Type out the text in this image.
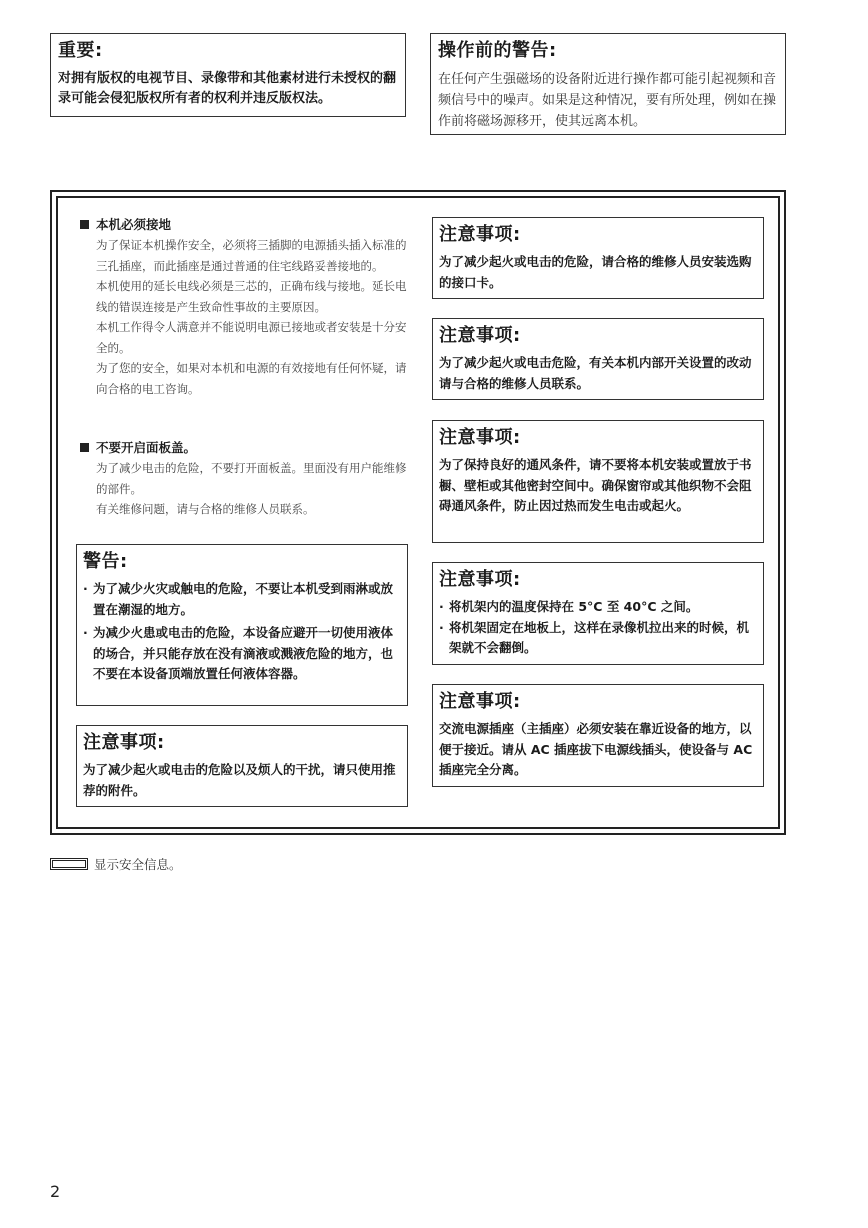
重要:

对拥有版权的电视节目、录像带和其他素材进行未授权的翻录可能会侵犯版权所有者的权利并违反版权法。

操作前的警告:

在任何产生强磁场的设备附近进行操作都可能引起视频和音频信号中的噪声。如果是这种情况，要有所处理，例如在操作前将磁场源移开，使其远离本机。

本机必须接地

为了保证本机操作安全，必须将三插脚的电源插头插入标准的三孔插座，而此插座是通过普通的住宅线路妥善接地的。

本机使用的延长电线必须是三芯的，正确布线与接地。延长电线的错误连接是产生致命性事故的主要原因。

本机工作得令人满意并不能说明电源已接地或者安装是十分安全的。

为了您的安全，如果对本机和电源的有效接地有任何怀疑，请向合格的电工咨询。

不要开启面板盖。

为了减少电击的危险，不要打开面板盖。里面没有用户能维修的部件。

有关维修问题，请与合格的维修人员联系。

警告:

· 为了减少火灾或触电的危险，不要让本机受到雨淋或放置在潮湿的地方。
· 为减少火患或电击的危险，本设备应避开一切使用液体的场合，并只能存放在没有滴液或溅液危险的地方，也不要在本设备顶端放置任何液体容器。

注意事项:

为了减少起火或电击的危险以及烦人的干扰，请只使用推荐的附件。

注意事项:

为了减少起火或电击的危险，请合格的维修人员安装选购的接口卡。

注意事项:

为了减少起火或电击危险，有关本机内部开关设置的改动请与合格的维修人员联系。

注意事项:

为了保持良好的通风条件，请不要将本机安装或置放于书橱、壁柜或其他密封空间中。确保窗帘或其他织物不会阻碍通风条件，防止因过热而发生电击或起火。

注意事项:

· 将机架内的温度保持在 5°C 至 40°C 之间。
· 将机架固定在地板上，这样在录像机拉出来的时候，机架就不会翻倒。

注意事项:

交流电源插座（主插座）必须安装在靠近设备的地方，以便于接近。请从 AC 插座拔下电源线插头，使设备与 AC 插座完全分离。

显示安全信息。
2
